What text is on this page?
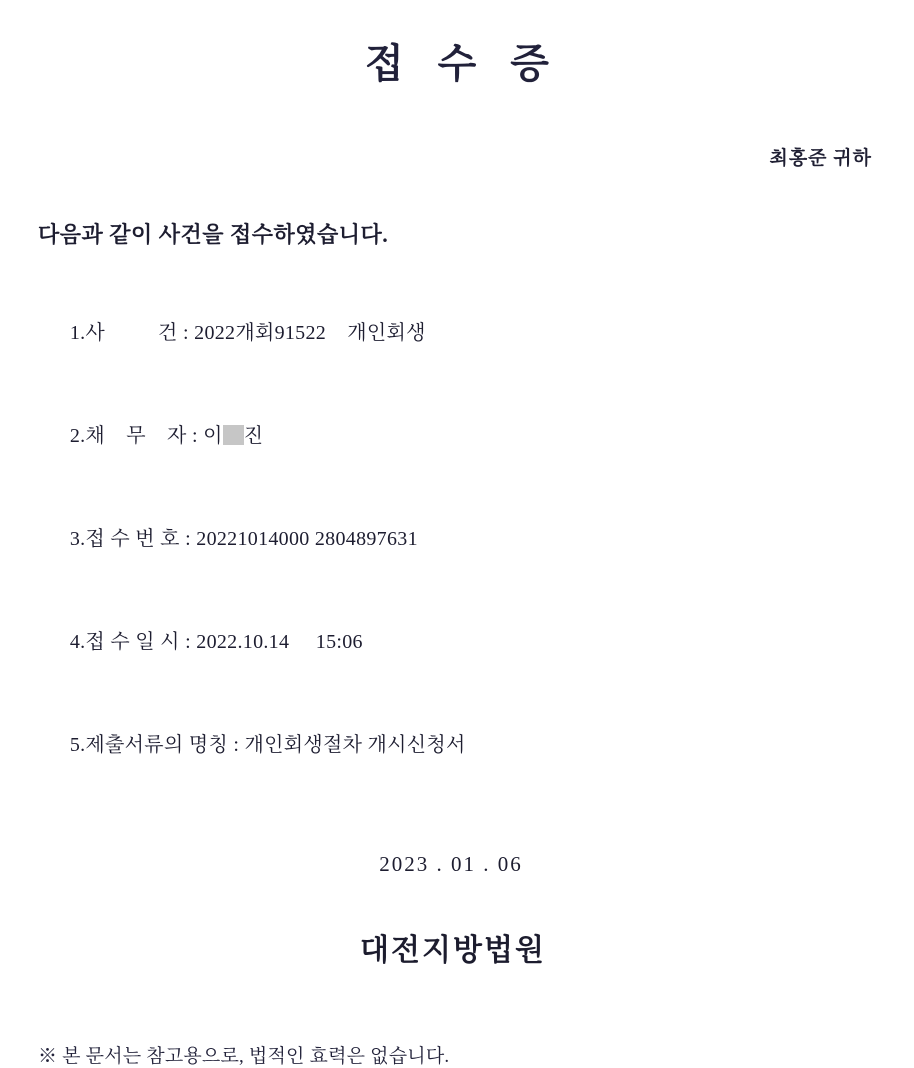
접 수 증
최홍준 귀하
다음과 같이 사건을 접수하였습니다.

1.사          건 : 2022개회91522    개인회생

2.채    무    자 : 이 진

3.접 수 번 호 : 20221014000 2804897631

4.접 수 일 시 : 2022.10.14     15:06

5.제출서류의 명칭 : 개인회생절차 개시신청서

2023 . 01 . 06
대전지방법원
※ 본 문서는 참고용으로, 법적인 효력은 없습니다.
